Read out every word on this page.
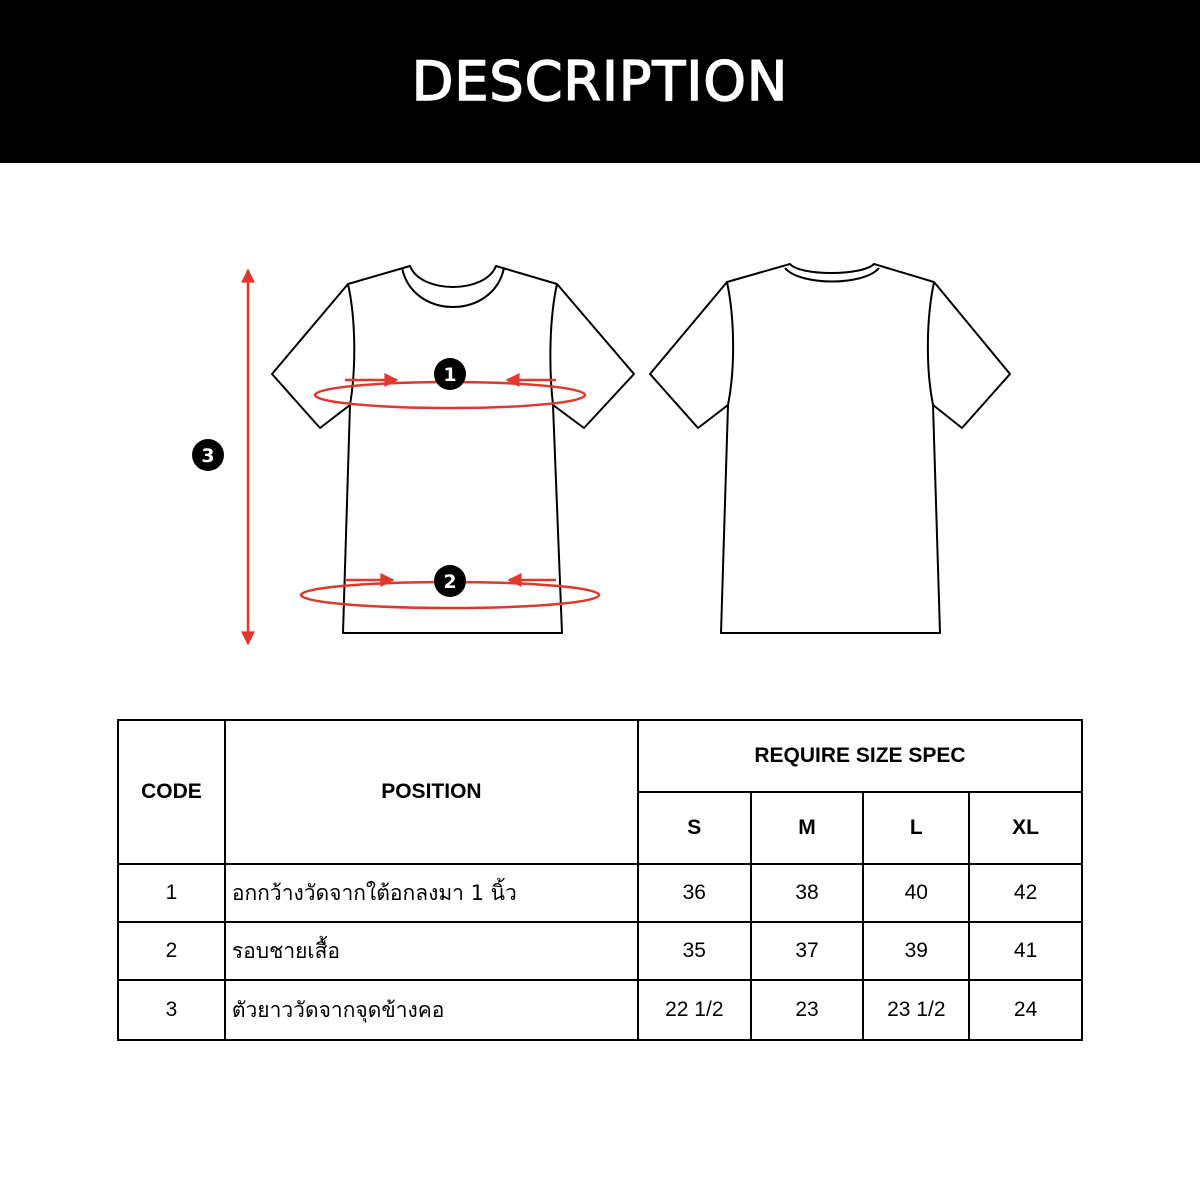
DESCRIPTION
1
2
3
CODE	POSITION	REQUIRE SIZE SPEC			
		S	M	L	XL
1	อกกว้างวัดจากใต้อกลงมา 1 นิ้ว	36	38	40	42
2	รอบชายเสื้อ	35	37	39	41
3	ตัวยาววัดจากจุดข้างคอ	22 1/2	23	23 1/2	24
